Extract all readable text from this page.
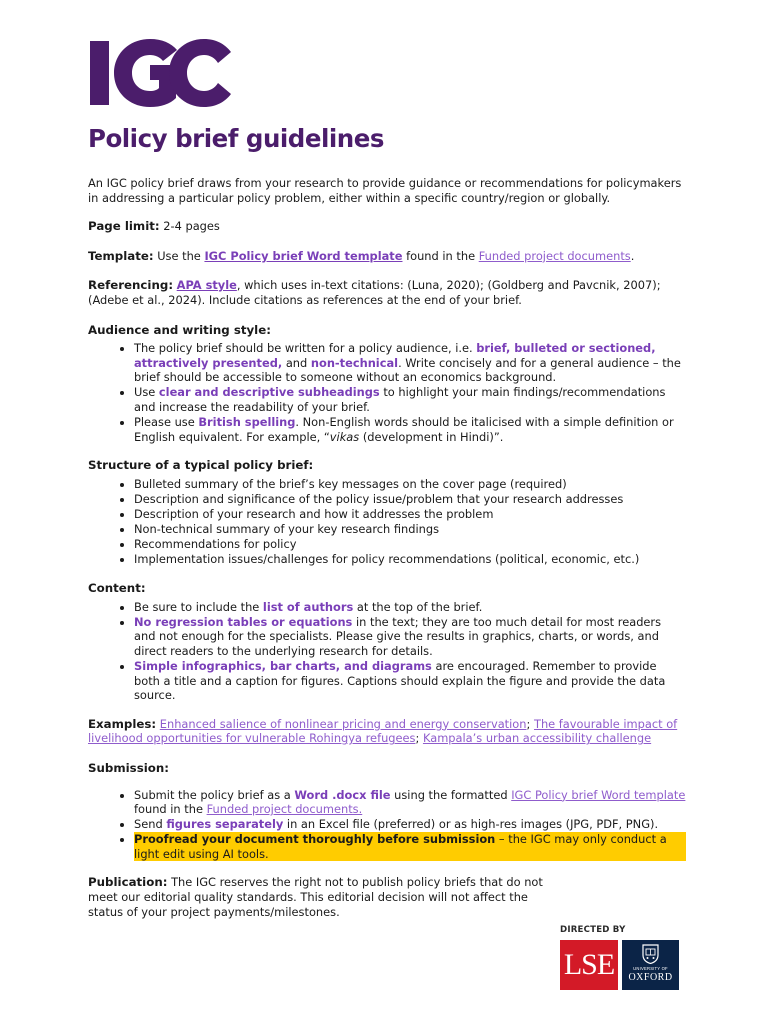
Policy brief guidelines

An IGC policy brief draws from your research to provide guidance or recommendations for policymakers in addressing a particular policy problem, either within a specific country/region or globally.

Page limit: 2-4 pages

Template: Use the IGC Policy brief Word template found in the Funded project documents.

Referencing: APA style, which uses in-text citations: (Luna, 2020); (Goldberg and Pavcnik, 2007); (Adebe et al., 2024). Include citations as references at the end of your brief.

Audience and writing style:
• The policy brief should be written for a policy audience, i.e. brief, bulleted or sectioned, attractively presented, and non-technical. Write concisely and for a general audience – the brief should be accessible to someone without an economics background.
• Use clear and descriptive subheadings to highlight your main findings/recommendations and increase the readability of your brief.
• Please use British spelling. Non-English words should be italicised with a simple definition or English equivalent. For example, “vikas (development in Hindi)”.
Structure of a typical policy brief:
• Bulleted summary of the brief’s key messages on the cover page (required)
• Description and significance of the policy issue/problem that your research addresses
• Description of your research and how it addresses the problem
• Non-technical summary of your key research findings
• Recommendations for policy
• Implementation issues/challenges for policy recommendations (political, economic, etc.)
Content:
• Be sure to include the list of authors at the top of the brief.
• No regression tables or equations in the text; they are too much detail for most readers and not enough for the specialists. Please give the results in graphics, charts, or words, and direct readers to the underlying research for details.
• Simple infographics, bar charts, and diagrams are encouraged. Remember to provide both a title and a caption for figures. Captions should explain the figure and provide the data source.

Examples: Enhanced salience of nonlinear pricing and energy conservation; The favourable impact of livelihood opportunities for vulnerable Rohingya refugees; Kampala’s urban accessibility challenge

Submission:
• Submit the policy brief as a Word .docx file using the formatted IGC Policy brief Word template found in the Funded project documents.
• Send figures separately in an Excel file (preferred) or as high-res images (JPG, PDF, PNG).
• Proofread your document thoroughly before submission – the IGC may only conduct a light edit using AI tools.

Publication: The IGC reserves the right not to publish policy briefs that do not meet our editorial quality standards. This editorial decision will not affect the status of your project payments/milestones.

DIRECTED BY
LSE	UNIVERSITY OF
OXFORD
